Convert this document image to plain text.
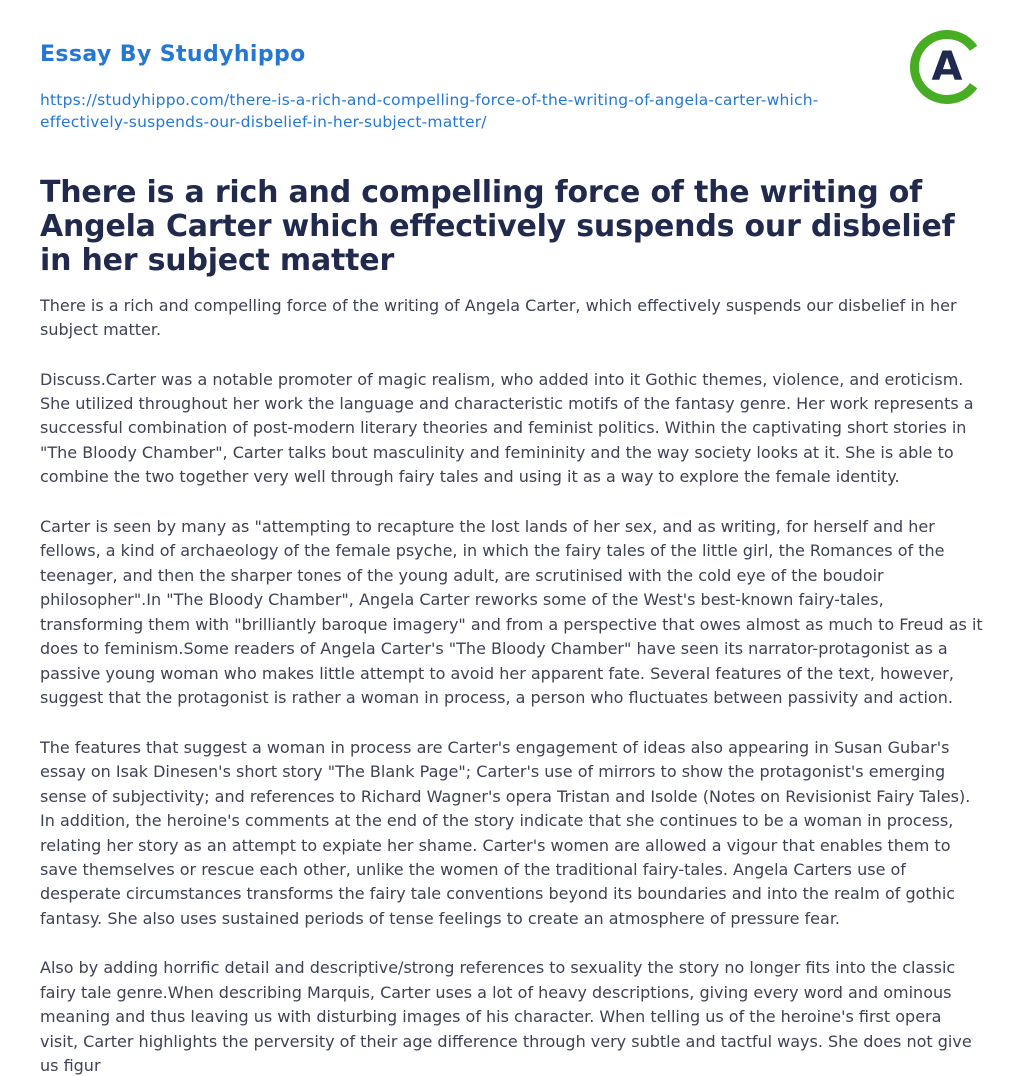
Essay By Studyhippo
https://studyhippo.com/there-is-a-rich-and-compelling-force-of-the-writing-of-angela-carter-which-effectively-suspends-our-disbelief-in-her-subject-matter/
A
There is a rich and compelling force of the writing of Angela Carter which effectively suspends our disbelief in her subject matter

There is a rich and compelling force of the writing of Angela Carter, which effectively suspends our disbelief in her subject matter.

Discuss.Carter was a notable promoter of magic realism, who added into it Gothic themes, violence, and eroticism. She utilized throughout her work the language and characteristic motifs of the fantasy genre. Her work represents a successful combination of post-modern literary theories and feminist politics. Within the captivating short stories in "The Bloody Chamber", Carter talks bout masculinity and femininity and the way society looks at it. She is able to combine the two together very well through fairy tales and using it as a way to explore the female identity.

Carter is seen by many as "attempting to recapture the lost lands of her sex, and as writing, for herself and her fellows, a kind of archaeology of the female psyche, in which the fairy tales of the little girl, the Romances of the teenager, and then the sharper tones of the young adult, are scrutinised with the cold eye of the boudoir philosopher".In "The Bloody Chamber", Angela Carter reworks some of the West's best-known fairy-tales, transforming them with "brilliantly baroque imagery" and from a perspective that owes almost as much to Freud as it does to feminism.Some readers of Angela Carter's "The Bloody Chamber" have seen its narrator-protagonist as a passive young woman who makes little attempt to avoid her apparent fate. Several features of the text, however, suggest that the protagonist is rather a woman in process, a person who fluctuates between passivity and action.

The features that suggest a woman in process are Carter's engagement of ideas also appearing in Susan Gubar's essay on Isak Dinesen's short story "The Blank Page"; Carter's use of mirrors to show the protagonist's emerging sense of subjectivity; and references to Richard Wagner's opera Tristan and Isolde (Notes on Revisionist Fairy Tales). In addition, the heroine's comments at the end of the story indicate that she continues to be a woman in process, relating her story as an attempt to expiate her shame. Carter's women are allowed a vigour that enables them to save themselves or rescue each other, unlike the women of the traditional fairy-tales. Angela Carters use of desperate circumstances transforms the fairy tale conventions beyond its boundaries and into the realm of gothic fantasy. She also uses sustained periods of tense feelings to create an atmosphere of pressure fear.

Also by adding horrific detail and descriptive/strong references to sexuality the story no longer fits into the classic fairy tale genre.When describing Marquis, Carter uses a lot of heavy descriptions, giving every word and ominous meaning and thus leaving us with disturbing images of his character. When telling us of the heroine's first opera visit, Carter highlights the perversity of their age difference through very subtle and tactful ways. She does not give us figur
